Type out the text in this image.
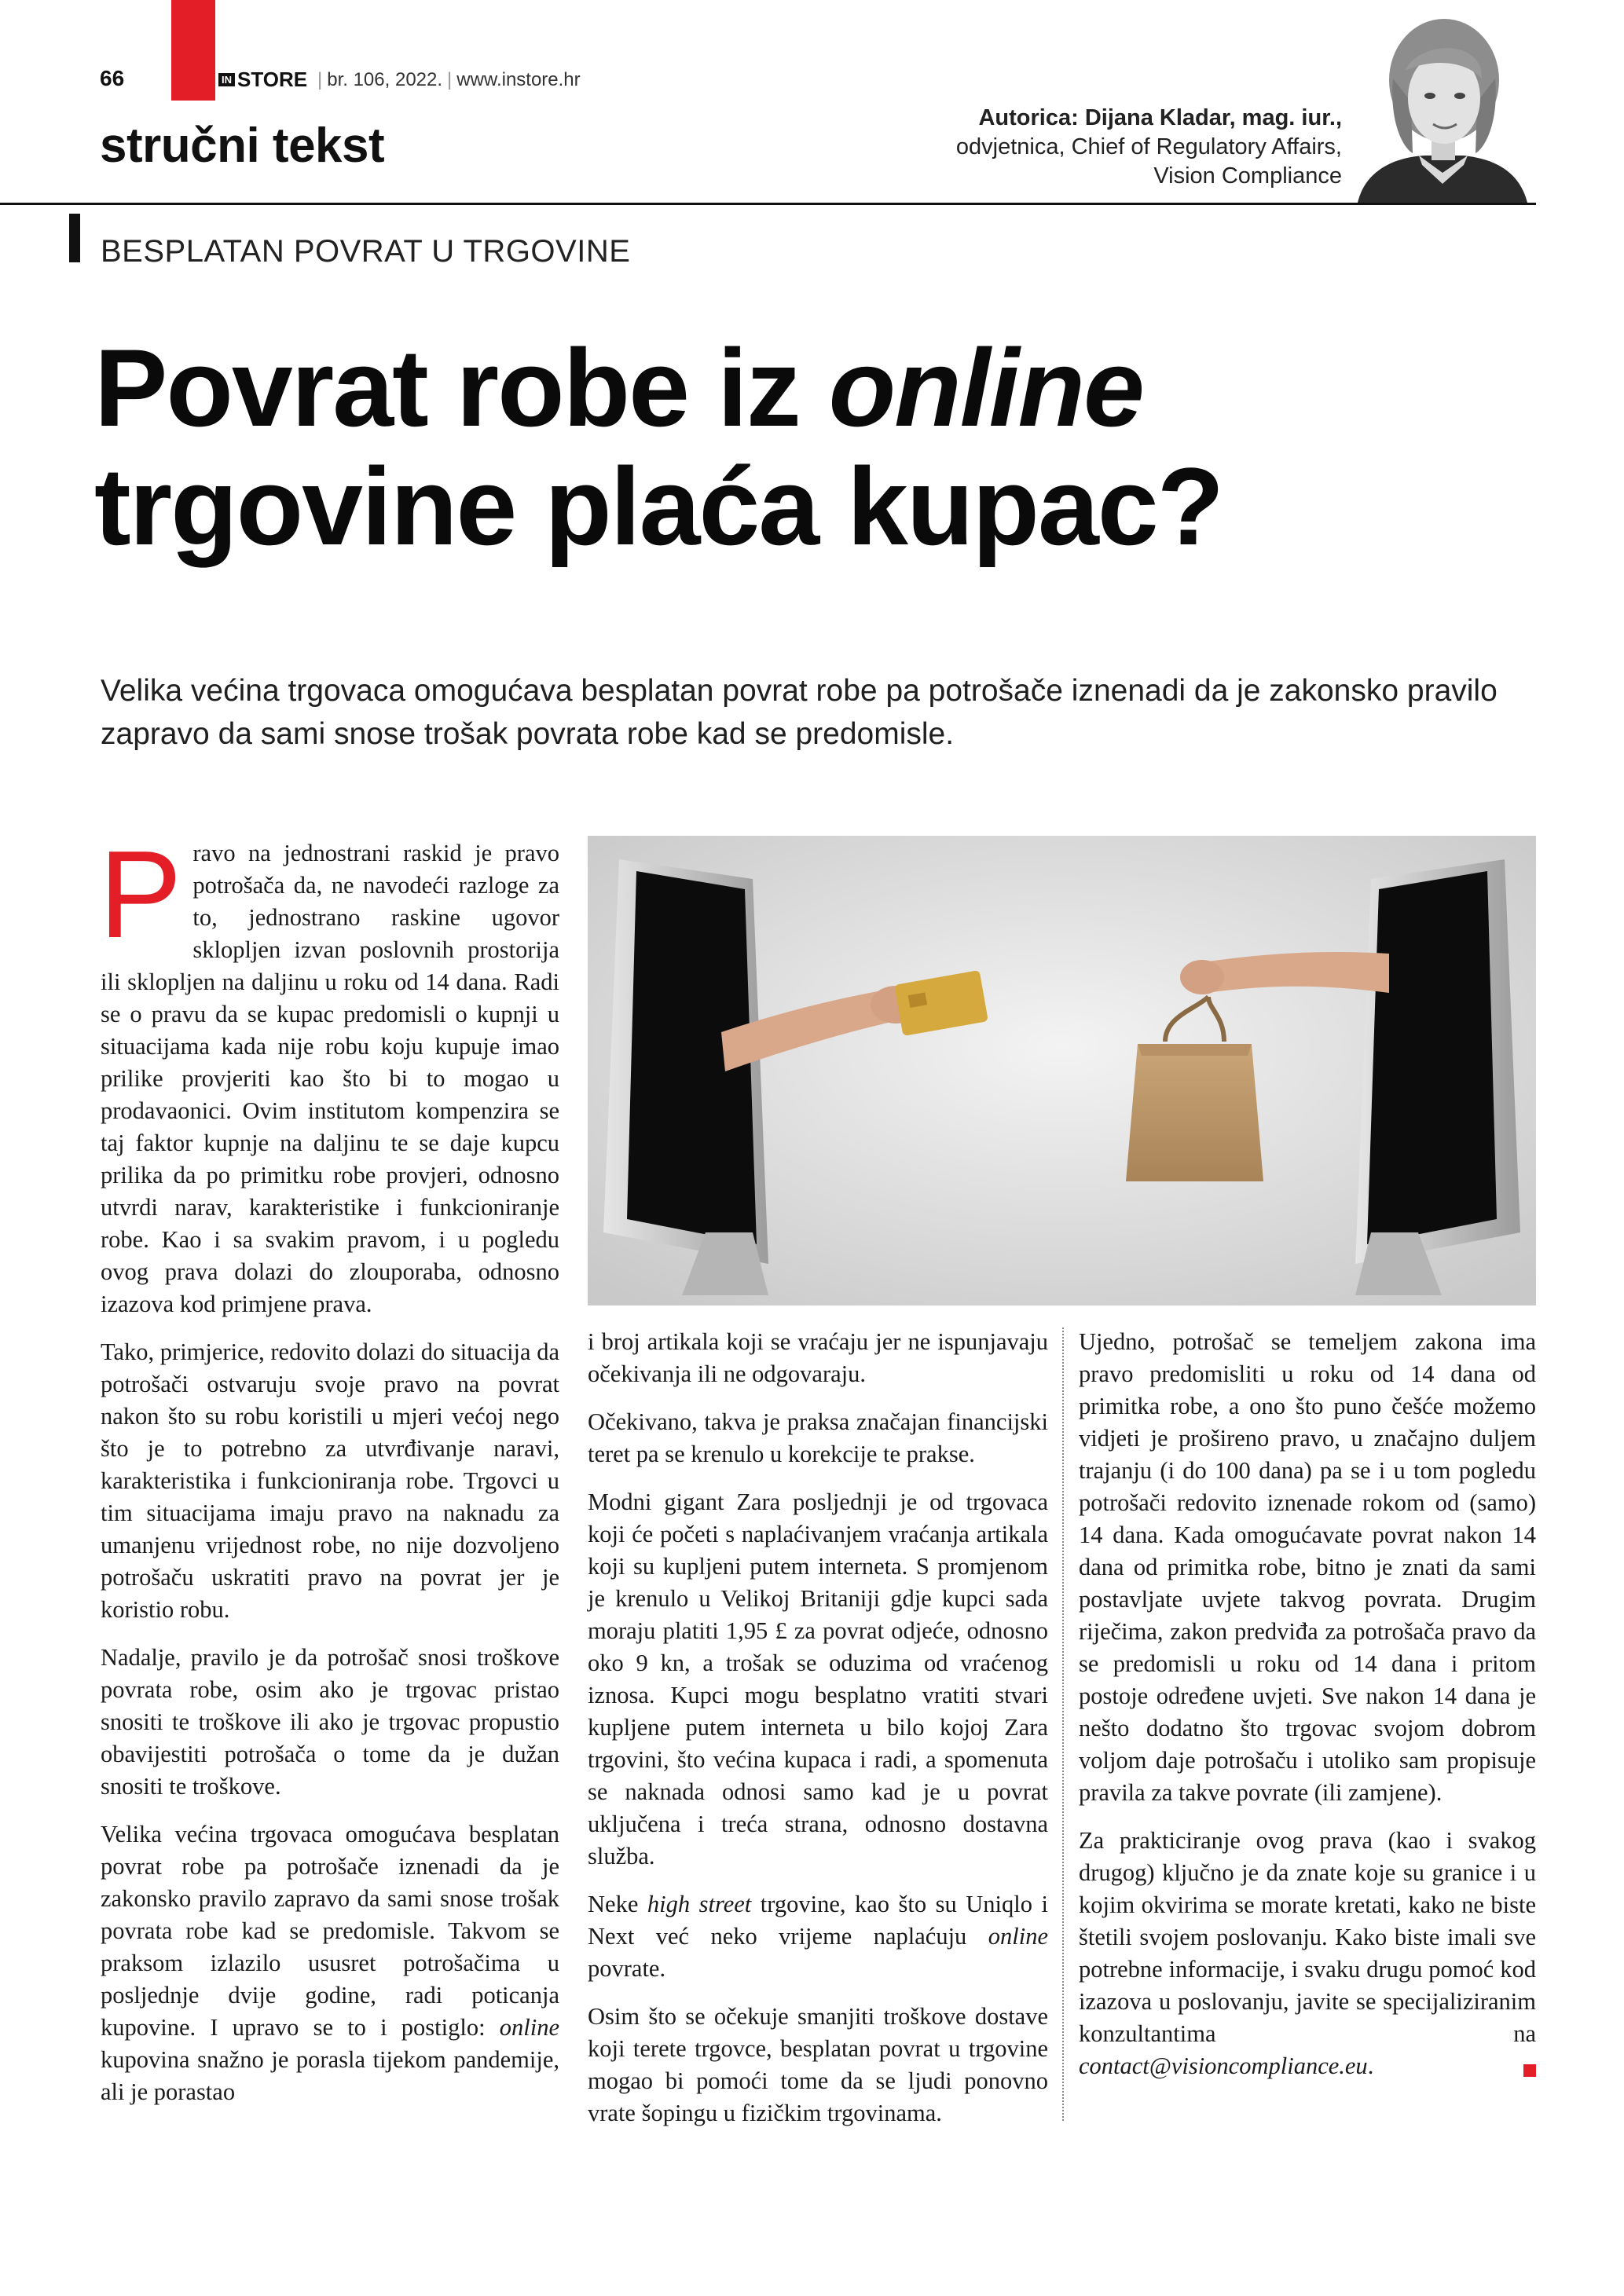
66	IN STORE | br. 106, 2022. | www.instore.hr
stručni tekst
Autorica: Dijana Kladar, mag. iur.,
odvjetnica, Chief of Regulatory Affairs,
Vision Compliance
BESPLATAN POVRAT U TRGOVINE
Povrat robe iz online
trgovine plaća kupac?

Velika većina trgovaca omogućava besplatan povrat robe pa potrošače iznenadi da je zakonsko pravilo zapravo da sami snose trošak povrata robe kad se predomisle.

Pravo na jednostrani raskid je pravo potrošača da, ne navodeći razloge za to, jednostrano raskine ugovor sklopljen izvan poslovnih prostorija ili sklopljen na daljinu u roku od 14 dana. Radi se o pravu da se kupac predomisli o kupnji u situacijama kada nije robu koju kupuje imao prilike provjeriti kao što bi to mogao u prodavaonici. Ovim institutom kompenzira se taj faktor kupnje na daljinu te se daje kupcu prilika da po primitku robe provjeri, odnosno utvrdi narav, karakteristike i funkcioniranje robe. Kao i sa svakim pravom, i u pogledu ovog prava dolazi do zlouporaba, odnosno izazova kod primjene prava.

Tako, primjerice, redovito dolazi do situacija da potrošači ostvaruju svoje pravo na povrat nakon što su robu koristili u mjeri većoj nego što je to potrebno za utvrđivanje naravi, karakteristika i funkcioniranja robe. Trgovci u tim situacijama imaju pravo na naknadu za umanjenu vrijednost robe, no nije dozvoljeno potrošaču uskratiti pravo na povrat jer je koristio robu.

Nadalje, pravilo je da potrošač snosi troškove povrata robe, osim ako je trgovac pristao snositi te troškove ili ako je trgovac propustio obavijestiti potrošača o tome da je dužan snositi te troškove.

Velika većina trgovaca omogućava besplatan povrat robe pa potrošače iznenadi da je zakonsko pravilo zapravo da sami snose trošak povrata robe kad se predomisle. Takvom se praksom izlazilo ususret potrošačima u posljednje dvije godine, radi poticanja kupovine. I upravo se to i postiglo: online kupovina snažno je porasla tijekom pandemije, ali je porastao

i broj artikala koji se vraćaju jer ne ispunjavaju očekivanja ili ne odgovaraju.

Očekivano, takva je praksa značajan financijski teret pa se krenulo u korekcije te prakse.

Modni gigant Zara posljednji je od trgovaca koji će početi s naplaćivanjem vraćanja artikala koji su kupljeni putem interneta. S promjenom je krenulo u Velikoj Britaniji gdje kupci sada moraju platiti 1,95 £ za povrat odjeće, odnosno oko 9 kn, a trošak se oduzima od vraćenog iznosa. Kupci mogu besplatno vratiti stvari kupljene putem interneta u bilo kojoj Zara trgovini, što većina kupaca i radi, a spomenuta se naknada odnosi samo kad je u povrat uključena i treća strana, odnosno dostavna služba.

Neke high street trgovine, kao što su Uniqlo i Next već neko vrijeme naplaćuju online povrate.

Osim što se očekuje smanjiti troškove dostave koji terete trgovce, besplatan povrat u trgovine mogao bi pomoći tome da se ljudi ponovno vrate šopingu u fizičkim trgovinama.

Ujedno, potrošač se temeljem zakona ima pravo predomisliti u roku od 14 dana od primitka robe, a ono što puno češće možemo vidjeti je prošireno pravo, u značajno duljem trajanju (i do 100 dana) pa se i u tom pogledu potrošači redovito iznenade rokom od (samo) 14 dana. Kada omogućavate povrat nakon 14 dana od primitka robe, bitno je znati da sami postavljate uvjete takvog povrata. Drugim riječima, zakon predviđa za potrošača pravo da se predomisli u roku od 14 dana i pritom postoje određene uvjeti. Sve nakon 14 dana je nešto dodatno što trgovac svojom dobrom voljom daje potrošaču i utoliko sam propisuje pravila za takve povrate (ili zamjene).

Za prakticiranje ovog prava (kao i svakog drugog) ključno je da znate koje su granice i u kojim okvirima se morate kretati, kako ne biste štetili svojem poslovanju. Kako biste imali sve potrebne informacije, i svaku drugu pomoć kod izazova u poslovanju, javite se specijaliziranim konzultantima na contact@visioncompliance.eu.
